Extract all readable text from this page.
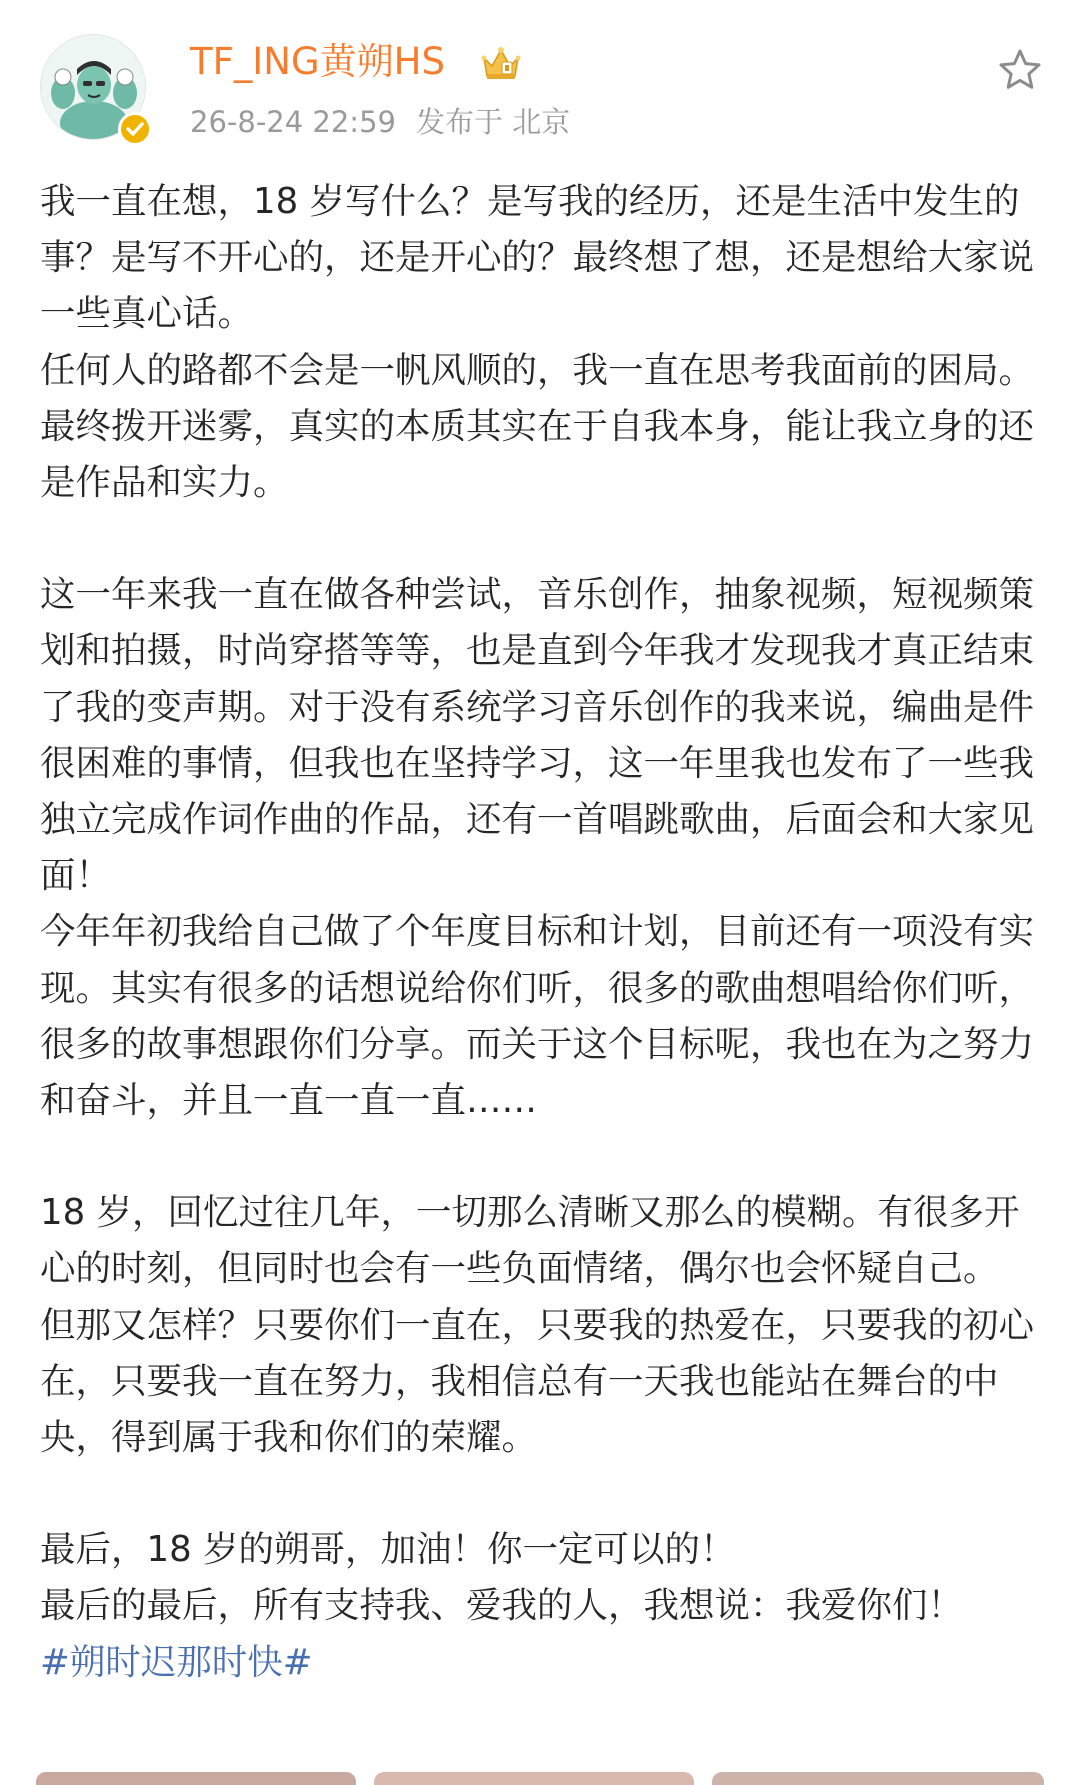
TF_ING黄朔HS
26-8-24 22:59 发布于 北京
我一直在想，18 岁写什么？是写我的经历，还是生活中发生的事？是写不开心的，还是开心的？最终想了想，还是想给大家说一些真心话。
任何人的路都不会是一帆风顺的，我一直在思考我面前的困局。最终拨开迷雾，真实的本质其实在于自我本身，能让我立身的还是作品和实力。
这一年来我一直在做各种尝试，音乐创作，抽象视频，短视频策划和拍摄，时尚穿搭等等，也是直到今年我才发现我才真正结束了我的变声期。对于没有系统学习音乐创作的我来说，编曲是件很困难的事情，但我也在坚持学习，这一年里我也发布了一些我独立完成作词作曲的作品，还有一首唱跳歌曲，后面会和大家见面！
今年年初我给自己做了个年度目标和计划，目前还有一项没有实现。其实有很多的话想说给你们听，很多的歌曲想唱给你们听，很多的故事想跟你们分享。而关于这个目标呢，我也在为之努力和奋斗，并且一直一直一直……
18 岁，回忆过往几年，一切那么清晰又那么的模糊。有很多开心的时刻，但同时也会有一些负面情绪，偶尔也会怀疑自己。
但那又怎样？只要你们一直在，只要我的热爱在，只要我的初心在，只要我一直在努力，我相信总有一天我也能站在舞台的中央，得到属于我和你们的荣耀。
最后，18 岁的朔哥，加油！你一定可以的！
最后的最后，所有支持我、爱我的人，我想说：我爱你们！
#朔时迟那时快#
